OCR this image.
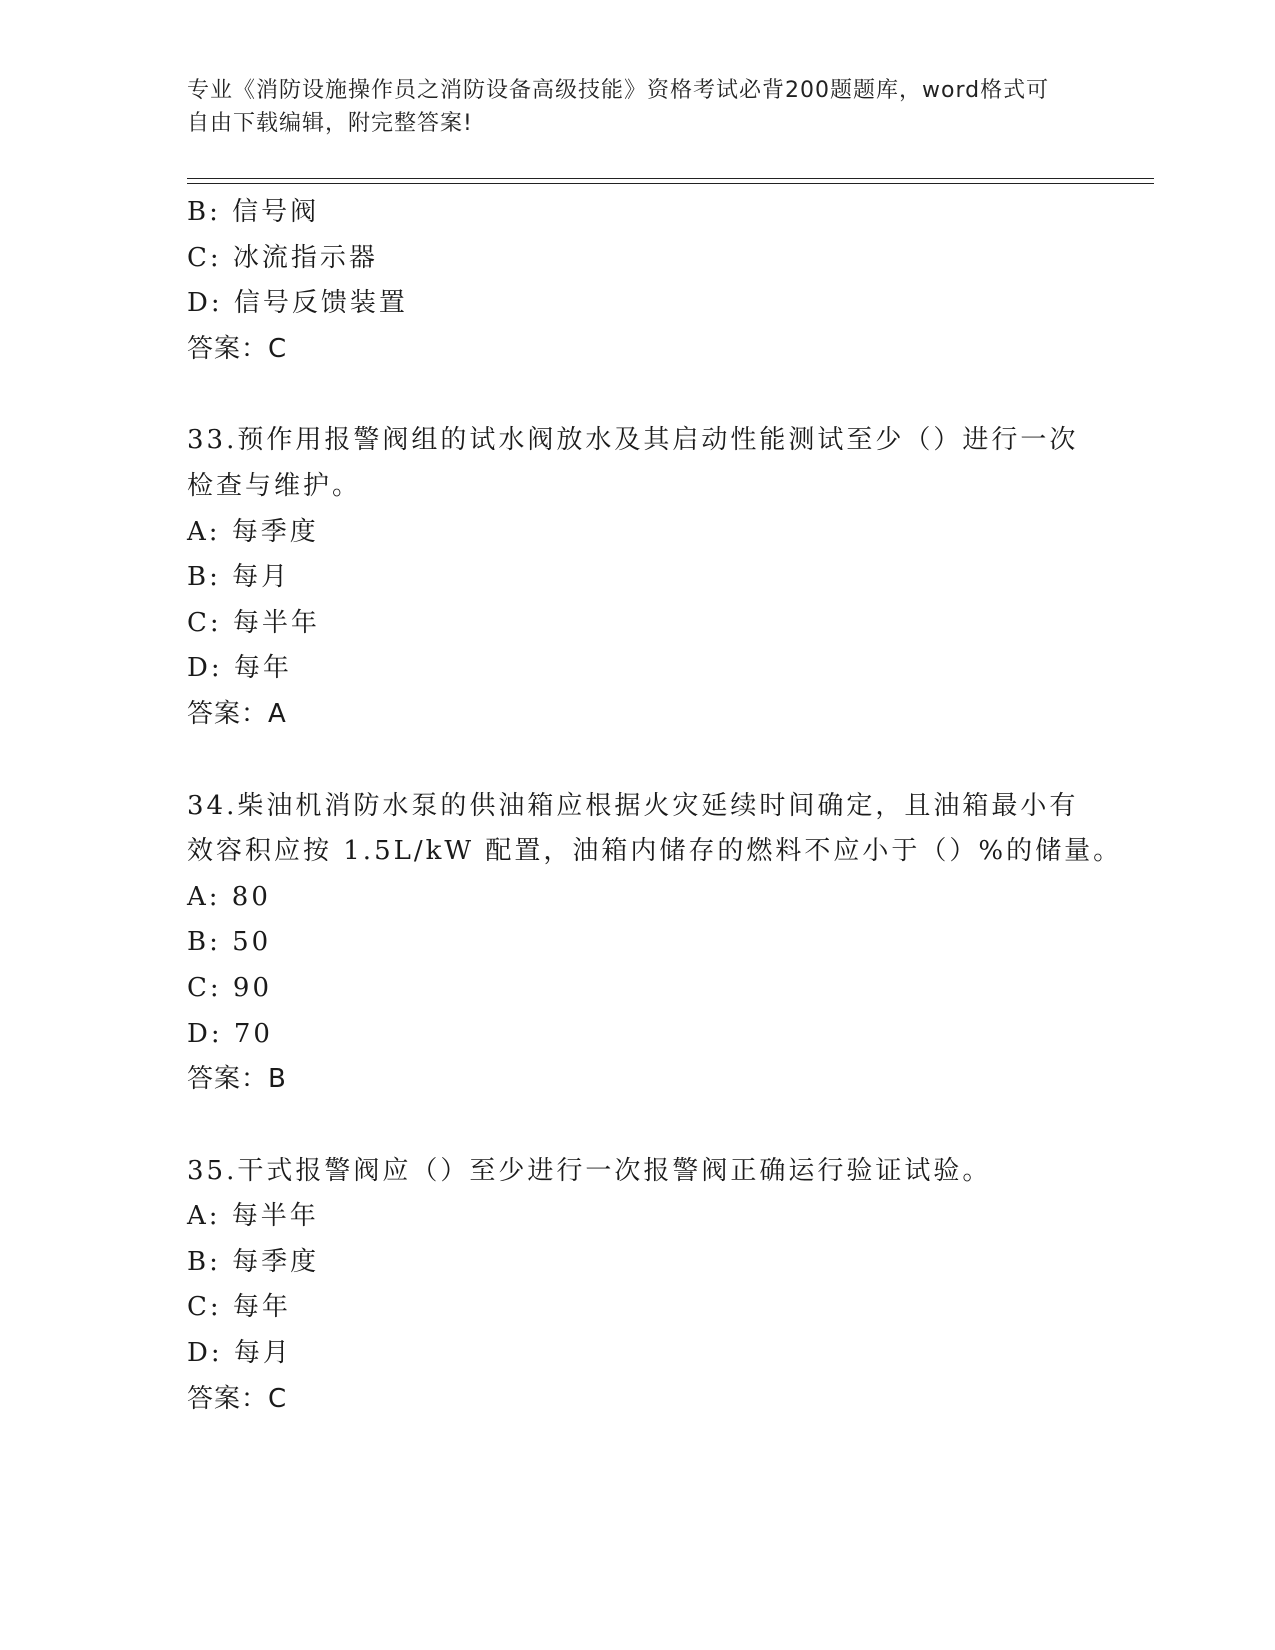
专业《消防设施操作员之消防设备高级技能》资格考试必背200题题库，word格式可自由下载编辑，附完整答案!
B: 信号阀
C: 冰流指示器
D: 信号反馈装置
答案：C
33.预作用报警阀组的试水阀放水及其启动性能测试至少（）进行一次
检查与维护。
A: 每季度
B: 每月
C: 每半年
D: 每年
答案：A
34.柴油机消防水泵的供油箱应根据火灾延续时间确定，且油箱最小有
效容积应按 1.5L/kW 配置，油箱内储存的燃料不应小于（）%的储量。
A: 80
B: 50
C: 90
D: 70
答案：B
35.干式报警阀应（）至少进行一次报警阀正确运行验证试验。
A: 每半年
B: 每季度
C: 每年
D: 每月
答案：C
